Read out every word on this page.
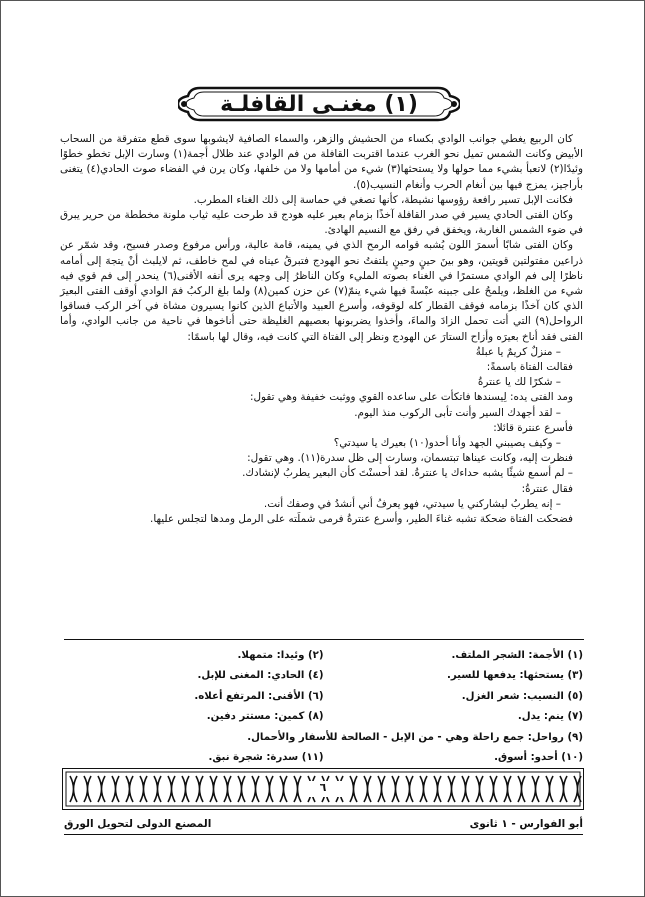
(١) مغنـى القافلـة

كان الربيع يغطي جوانب الوادي بكساء من الحشيش والزهر، والسماء الصافية لايشوبها سوى قطع متفرقة من السحاب الأبيض وكانت الشمس تميل نحو الغرب عندما اقتربت القافلة من فم الوادي عند ظلال أجمة(١) وسارت الإبل تخطو خطوًا وئيدًا(٢) لاتعبأ بشيء مما حولها ولا يستحثها(٣) شيء من أمامها ولا من خلفها، وكان يرن في الفضاء صوت الحادي(٤) يتغنى بأراجيز، يمزج فيها بين أنغام الحرب وأنغام النسيب(٥).

فكانت الإبل تسير رافعة رؤوسها نشيطة، كأنها تصغي في حماسة إلى ذلك الغناء المطرب.

وكان الفتى الحادي يسير في صدر القافلة آخذًا بزمام بعير عليه هودج قد طرحت عليه ثياب ملونة مخططة من حرير يبرق في ضوء الشمس الغاربة، ويخفق في رفق مع النسيم الهادئ.

وكان الفتى شابًا أسمرَ اللون يُشبه قوامه الرمح الذي في يمينه، قامة عالية، ورأس مرفوع وصدر فسيح، وقد شمّر عن ذراعين مفتولتين قويتين، وهو بينَ حينٍ وحينٍ يلتفتُ نحو الهودج فتبرقُ عيناه في لمح خاطف، ثم لايلبث أنْ يتجهَ إلى أمامه ناظرًا إلى فم الوادي مستمرًا في الغناء بصوته المليء وكان الناظرُ إلى وجهه يرى أنفه الأقنى(٦) ينحدر إلى فم قوي فيه شيء من الغلظ، ويلمحُ على جبينه عبْسةً فيها شيء ينمّ(٧) عن حزن كمين(٨) ولما بلغ الركبُ فمَ الوادي أوقف الفتى البعيرَ الذي كان آخذًا بزمامه فوقف القطار كله لوقوفه، وأسرع العبيد والأتباع الذين كانوا يسيرون مشاة في آخر الركب فساقوا الرواحل(٩) التي أتت تحمل الزادَ والماءَ، وأخذوا يضربونها بعصيهم الغليظة حتى أناخوها في ناحية من جانب الوادي، وأما الفتى فقد أناخ بعيرَه وأزاح الستارَ عن الهودج ونظر إلى الفتاة التي كانت فيه، وقال لها باسمًا:

– منزلٌ كريمٌ يا عبلةُ

فقالت الفتاة باسمةً:

– شكرًا لك يا عنترةُ

ومد الفتى يده: لِيسندها فاتكأت على ساعده القوي ووثبت خفيفة وهي تقول:

– لقد أجهدك السير وأنت تأبى الركوب منذ اليوم.

فأسرع عنترة قائلا:

– وكيف يصيبني الجهد وأنا أحدو(١٠) بعيرك يا سيدتي؟

فنظرت إليه، وكانت عيناها تبتسمان، وسارت إلى ظل سدرة(١١). وهي تقول:

– لم أسمع شيئًا يشبه حداءك يا عنترةُ. لقد أحسنْتَ كأن البعير يطربُ لإنشادك.

فقال عنترةُ:

– إنه يطربُ ليشاركني يا سيدتي، فهو يعرفُ أني أنشدُ في وصفك أنت.

فضحكت الفتاة ضحكة تشبه غناءَ الطير، وأسرع عنترةُ فرمى شملَته على الرمل ومدها لتجلس عليها.

(١) الأجمة: الشجر الملتف.
(٢) وئيدا: متمهلا.
(٣) يستحثها: يدفعها للسير.
(٤) الحادي: المغنى للإبل.
(٥) النسيب: شعر الغزل.
(٦) الأقنى: المرتفع أعلاه.
(٧) ينم: يدل.
(٨) كمين: مستتر دفين.
(٩) رواحل: جمع راحلة وهي - من الإبل - الصالحة للأسفار والأحمال.
(١٠) أحدو: أسوق.
(١١) سدرة: شجرة نبق.
٦
أبو الفوارس - ١ ثانوى
المصنع الدولى لتحويل الورق
